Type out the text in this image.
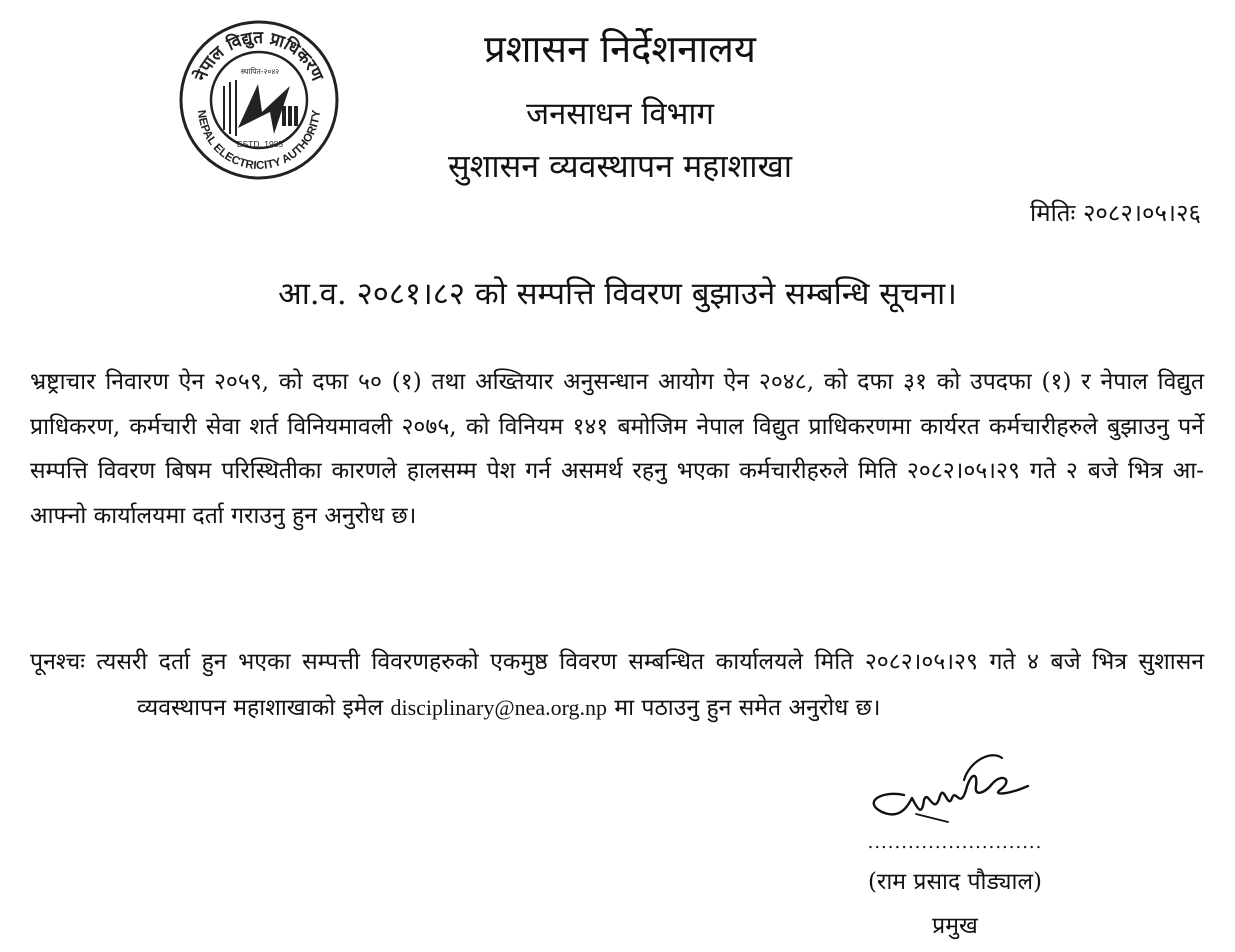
नेपाल विद्युत प्राधिकरण
NEPAL ELECTRICITY AUTHORITY
स्थापित-२०४२
ESTD. 1985
प्रशासन निर्देशनालय
जनसाधन विभाग
सुशासन व्यवस्थापन महाशाखा
मितिः २०८२।०५।२६
आ.व. २०८१।८२ को सम्पत्ति विवरण बुझाउने सम्बन्धि सूचना।

भ्रष्ट्राचार निवारण ऐन २०५९, को दफा ५० (१) तथा अख्तियार अनुसन्धान आयोग ऐन २०४८, को दफा ३१ को उपदफा (१) र नेपाल विद्युत प्राधिकरण, कर्मचारी सेवा शर्त विनियमावली २०७५, को विनियम १४१ बमोजिम नेपाल विद्युत प्राधिकरणमा कार्यरत कर्मचारीहरुले बुझाउनु पर्ने सम्पत्ति विवरण बिषम परिस्थितीका कारणले हालसम्म पेश गर्न असमर्थ रहनु भएका कर्मचारीहरुले मिति २०८२।०५।२९ गते २ बजे भित्र आ-आफ्नो कार्यालयमा दर्ता गराउनु हुन अनुरोध छ।

पूनश्चः त्यसरी दर्ता हुन भएका सम्पत्ती विवरणहरुको एकमुष्ठ विवरण सम्बन्धित कार्यालयले मिति २०८२।०५।२९ गते ४ बजे भित्र सुशासन व्यवस्थापन महाशाखाको इमेल disciplinary@nea.org.np मा पठाउनु हुन समेत अनुरोध छ।

..........................

(राम प्रसाद पौड्याल)

प्रमुख
